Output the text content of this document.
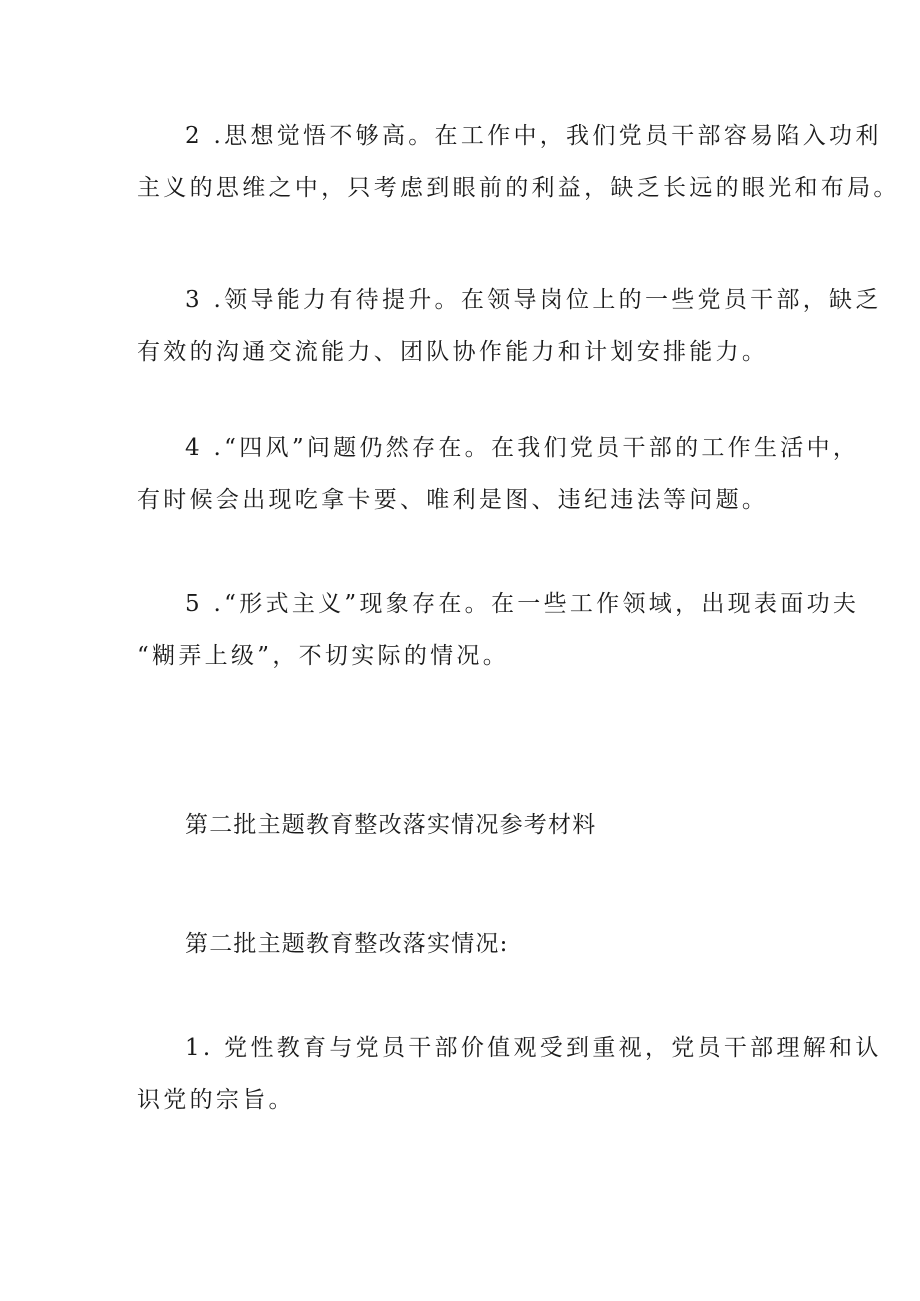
2 .思想觉悟不够高。在工作中，我们党员干部容易陷入功利
主义的思维之中，只考虑到眼前的利益，缺乏长远的眼光和布局。

3 .领导能力有待提升。在领导岗位上的一些党员干部，缺乏
有效的沟通交流能力、团队协作能力和计划安排能力。

4 .“四风”问题仍然存在。在我们党员干部的工作生活中，
有时候会出现吃拿卡要、唯利是图、违纪违法等问题。

5 .“形式主义”现象存在。在一些工作领域，出现表面功夫
“糊弄上级”，不切实际的情况。

第二批主题教育整改落实情况参考材料
第二批主题教育整改落实情况:

1. 党性教育与党员干部价值观受到重视，党员干部理解和认
识党的宗旨。
